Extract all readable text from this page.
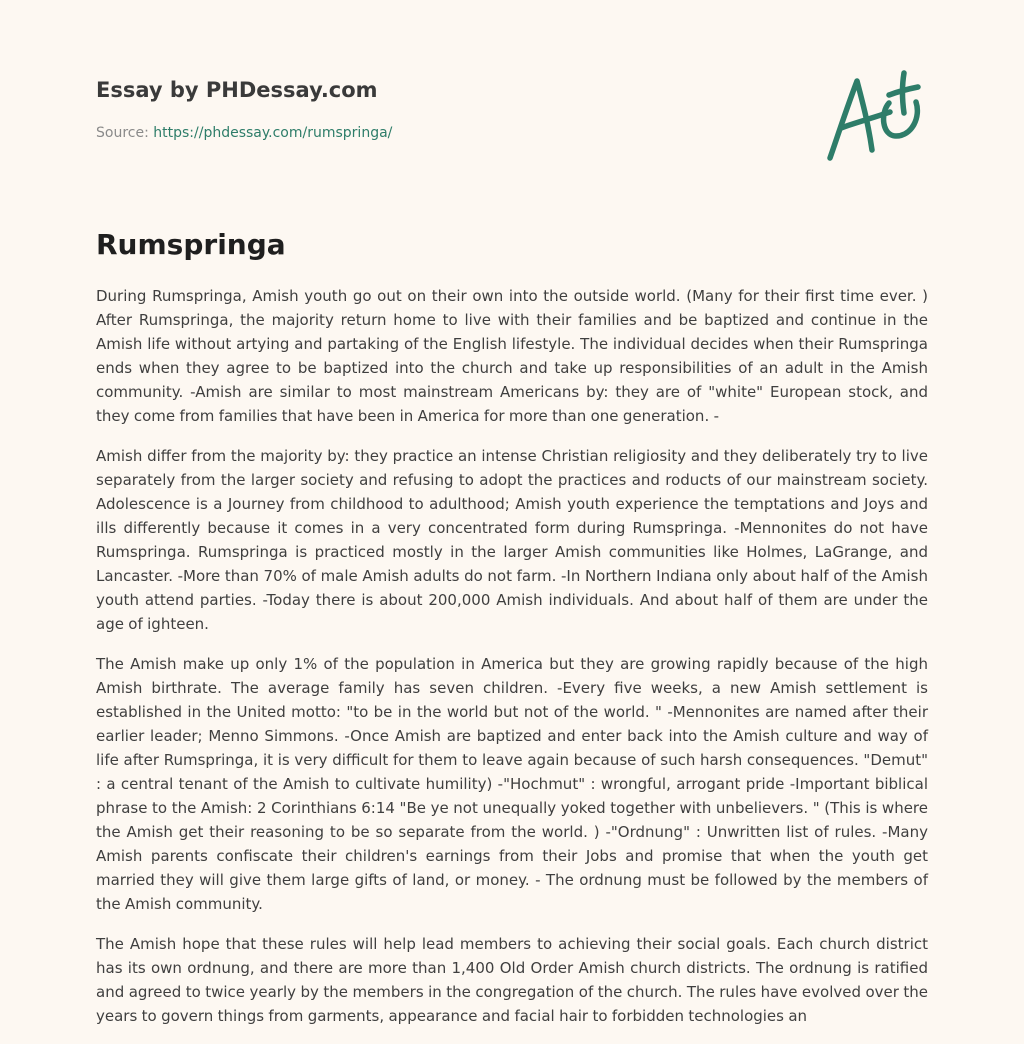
Essay by PHDessay.com
Source: https://phdessay.com/rumspringa/
Rumspringa

During Rumspringa, Amish youth go out on their own into the outside world. (Many for their first time ever. ) After Rumspringa, the majority return home to live with their families and be baptized and continue in the Amish life without artying and partaking of the English lifestyle. The individual decides when their Rumspringa ends when they agree to be baptized into the church and take up responsibilities of an adult in the Amish community. -Amish are similar to most mainstream Americans by: they are of "white" European stock, and they come from families that have been in America for more than one generation. -

Amish differ from the majority by: they practice an intense Christian religiosity and they deliberately try to live separately from the larger society and refusing to adopt the practices and roducts of our mainstream society. Adolescence is a Journey from childhood to adulthood; Amish youth experience the temptations and Joys and ills differently because it comes in a very concentrated form during Rumspringa. -Mennonites do not have Rumspringa. Rumspringa is practiced mostly in the larger Amish communities like Holmes, LaGrange, and Lancaster. -More than 70% of male Amish adults do not farm. -In Northern Indiana only about half of the Amish youth attend parties. -Today there is about 200,000 Amish individuals. And about half of them are under the age of ighteen.

The Amish make up only 1% of the population in America but they are growing rapidly because of the high Amish birthrate. The average family has seven children. -Every five weeks, a new Amish settlement is established in the United motto: "to be in the world but not of the world. " -Mennonites are named after their earlier leader; Menno Simmons. -Once Amish are baptized and enter back into the Amish culture and way of life after Rumspringa, it is very difficult for them to leave again because of such harsh consequences. "Demut" : a central tenant of the Amish to cultivate humility) -"Hochmut" : wrongful, arrogant pride -Important biblical phrase to the Amish: 2 Corinthians 6:14 "Be ye not unequally yoked together with unbelievers. " (This is where the Amish get their reasoning to be so separate from the world. ) -"Ordnung" : Unwritten list of rules. -Many Amish parents confiscate their children's earnings from their Jobs and promise that when the youth get married they will give them large gifts of land, or money. - The ordnung must be followed by the members of the Amish community.

The Amish hope that these rules will help lead members to achieving their social goals. Each church district has its own ordnung, and there are more than 1,400 Old Order Amish church districts. The ordnung is ratified and agreed to twice yearly by the members in the congregation of the church. The rules have evolved over the years to govern things from garments, appearance and facial hair to forbidden technologies an
